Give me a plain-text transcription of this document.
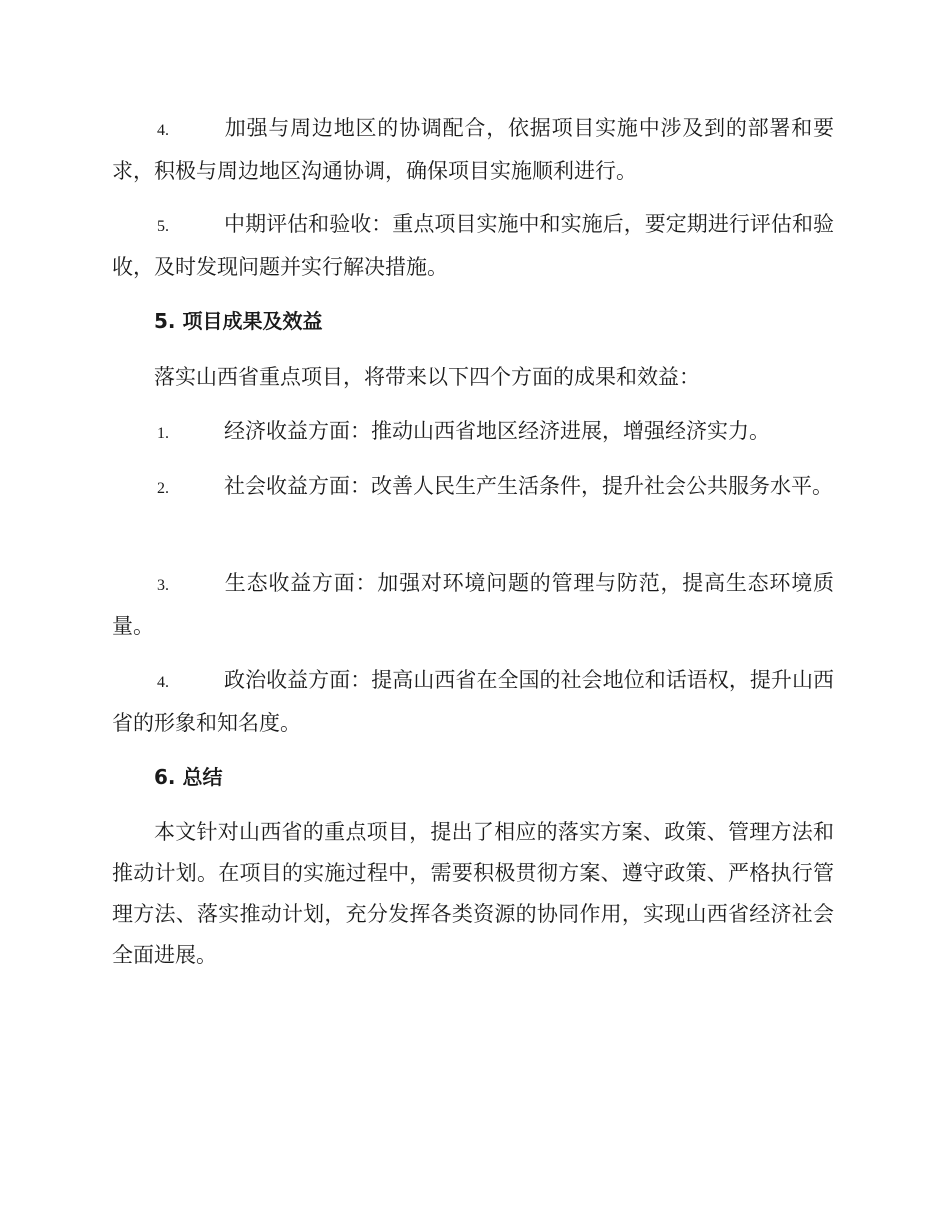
4.	加强与周边地区的协调配合，依据项目实施中涉及到的部署和要求，积极与周边地区沟通协调，确保项目实施顺利进行。

5.	中期评估和验收：重点项目实施中和实施后，要定期进行评估和验收，及时发现问题并实行解决措施。

5. 项目成果及效益

落实山西省重点项目，将带来以下四个方面的成果和效益：

1.	经济收益方面：推动山西省地区经济进展，增强经济实力。

2.	社会收益方面：改善人民生产生活条件，提升社会公共服务水平。

3.	生态收益方面：加强对环境问题的管理与防范，提高生态环境质量。

4.	政治收益方面：提高山西省在全国的社会地位和话语权，提升山西省的形象和知名度。

6. 总结

本文针对山西省的重点项目，提出了相应的落实方案、政策、管理方法和推动计划。在项目的实施过程中，需要积极贯彻方案、遵守政策、严格执行管理方法、落实推动计划，充分发挥各类资源的协同作用，实现山西省经济社会全面进展。
